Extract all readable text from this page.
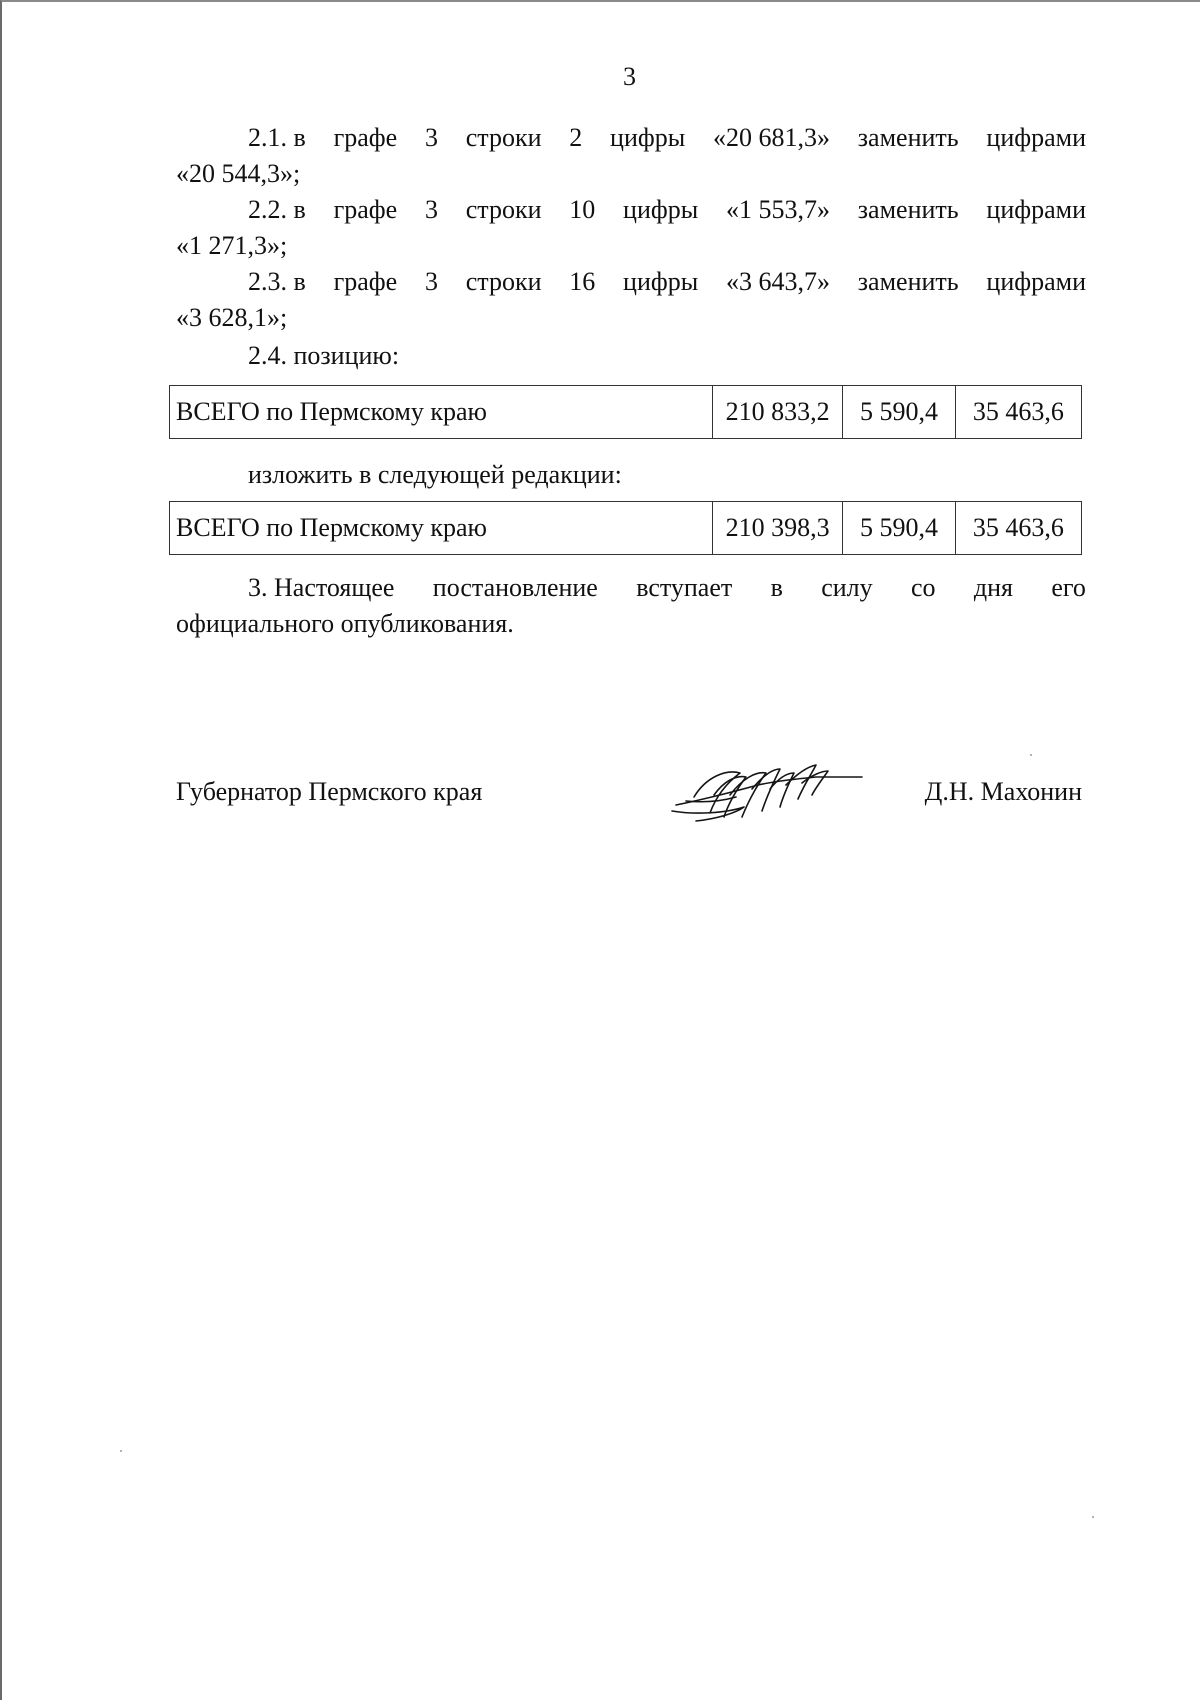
3
2.1. в графе 3 строки 2 цифры «20 681,3» заменить цифрами
«20 544,3»;
2.2. в графе 3 строки 10 цифры «1 553,7» заменить цифрами
«1 271,3»;
2.3. в графе 3 строки 16 цифры «3 643,7» заменить цифрами
«3 628,1»;
2.4. позицию:
ВСЕГО по Пермскому краю	210 833,2	5 590,4	35 463,6
изложить в следующей редакции:
ВСЕГО по Пермскому краю	210 398,3	5 590,4	35 463,6
3. Настоящее постановление вступает в силу со дня его
официального опубликования.
Губернатор Пермского края	Д.Н. Махонин
